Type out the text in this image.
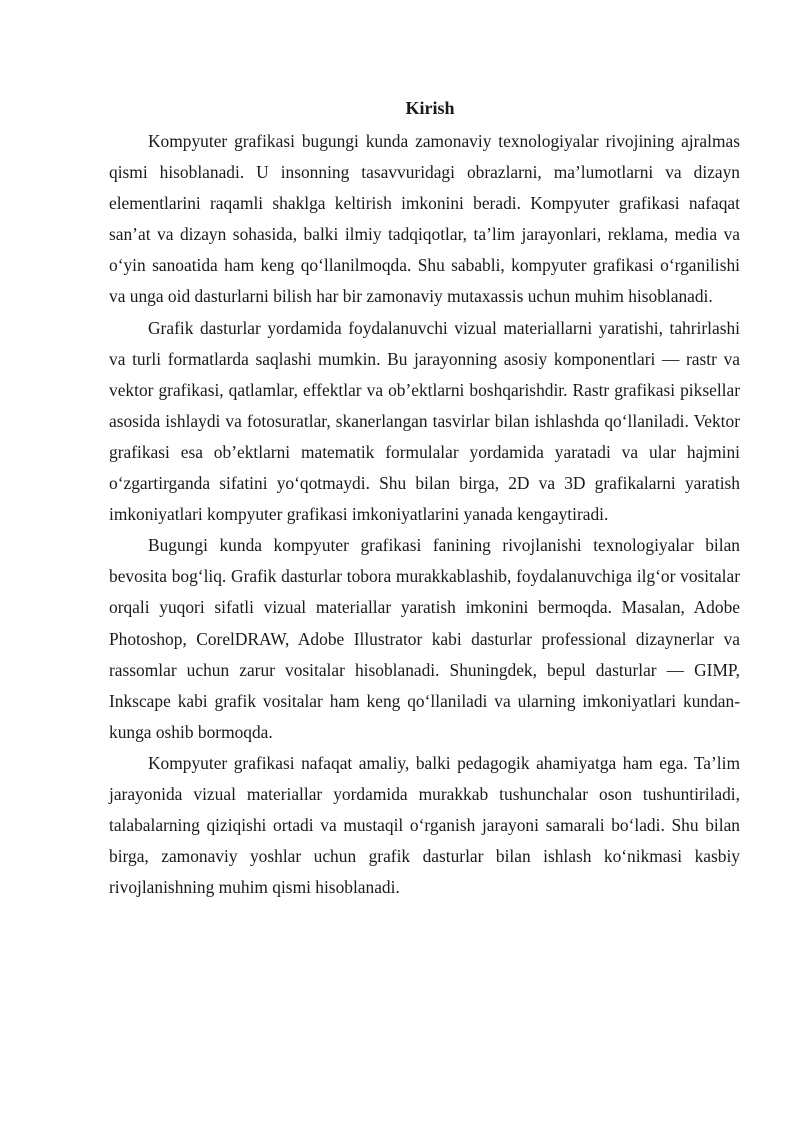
Kirish

Kompyuter grafikasi bugungi kunda zamonaviy texnologiyalar rivojining ajralmas qismi hisoblanadi. U insonning tasavvuridagi obrazlarni, ma’lumotlarni va dizayn elementlarini raqamli shaklga keltirish imkonini beradi. Kompyuter grafikasi nafaqat san’at va dizayn sohasida, balki ilmiy tadqiqotlar, ta’lim jarayonlari, reklama, media va o‘yin sanoatida ham keng qo‘llanilmoqda. Shu sababli, kompyuter grafikasi o‘rganilishi va unga oid dasturlarni bilish har bir zamonaviy mutaxassis uchun muhim hisoblanadi.

Grafik dasturlar yordamida foydalanuvchi vizual materiallarni yaratishi, tahrirlashi va turli formatlarda saqlashi mumkin. Bu jarayonning asosiy komponentlari — rastr va vektor grafikasi, qatlamlar, effektlar va ob’ektlarni boshqarishdir. Rastr grafikasi piksellar asosida ishlaydi va fotosuratlar, skanerlangan tasvirlar bilan ishlashda qo‘llaniladi. Vektor grafikasi esa ob’ektlarni matematik formulalar yordamida yaratadi va ular hajmini o‘zgartirganda sifatini yo‘qotmaydi. Shu bilan birga, 2D va 3D grafikalarni yaratish imkoniyatlari kompyuter grafikasi imkoniyatlarini yanada kengaytiradi.

Bugungi kunda kompyuter grafikasi fanining rivojlanishi texnologiyalar bilan bevosita bog‘liq. Grafik dasturlar tobora murakkablashib, foydalanuvchiga ilg‘or vositalar orqali yuqori sifatli vizual materiallar yaratish imkonini bermoqda. Masalan, Adobe Photoshop, CorelDRAW, Adobe Illustrator kabi dasturlar professional dizaynerlar va rassomlar uchun zarur vositalar hisoblanadi. Shuningdek, bepul dasturlar — GIMP, Inkscape kabi grafik vositalar ham keng qo‘llaniladi va ularning imkoniyatlari kundan-kunga oshib bormoqda.

Kompyuter grafikasi nafaqat amaliy, balki pedagogik ahamiyatga ham ega. Ta’lim jarayonida vizual materiallar yordamida murakkab tushunchalar oson tushuntiriladi, talabalarning qiziqishi ortadi va mustaqil o‘rganish jarayoni samarali bo‘ladi. Shu bilan birga, zamonaviy yoshlar uchun grafik dasturlar bilan ishlash ko‘nikmasi kasbiy rivojlanishning muhim qismi hisoblanadi.
